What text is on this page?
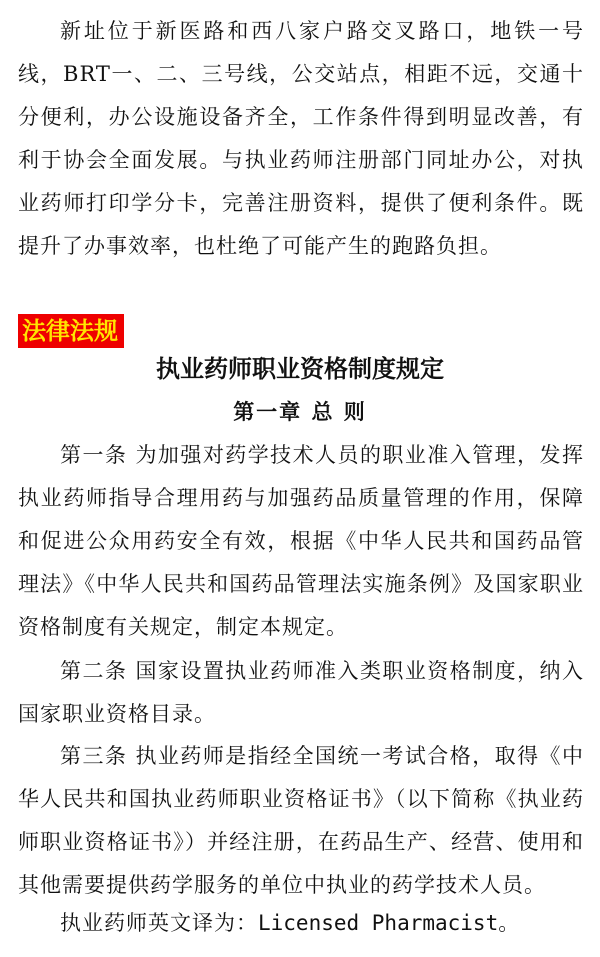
新址位于新医路和西八家户路交叉路口，地铁一号线，BRT一、二、三号线，公交站点，相距不远，交通十分便利，办公设施设备齐全，工作条件得到明显改善，有利于协会全面发展。与执业药师注册部门同址办公，对执业药师打印学分卡，完善注册资料，提供了便利条件。既提升了办事效率，也杜绝了可能产生的跑路负担。

法律法规
执业药师职业资格制度规定
第一章 总 则

第一条 为加强对药学技术人员的职业准入管理，发挥执业药师指导合理用药与加强药品质量管理的作用，保障和促进公众用药安全有效，根据《中华人民共和国药品管理法》《中华人民共和国药品管理法实施条例》及国家职业资格制度有关规定，制定本规定。

第二条 国家设置执业药师准入类职业资格制度，纳入国家职业资格目录。

第三条 执业药师是指经全国统一考试合格，取得《中华人民共和国执业药师职业资格证书》（以下简称《执业药师职业资格证书》）并经注册，在药品生产、经营、使用和其他需要提供药学服务的单位中执业的药学技术人员。

执业药师英文译为：Licensed Pharmacist。
